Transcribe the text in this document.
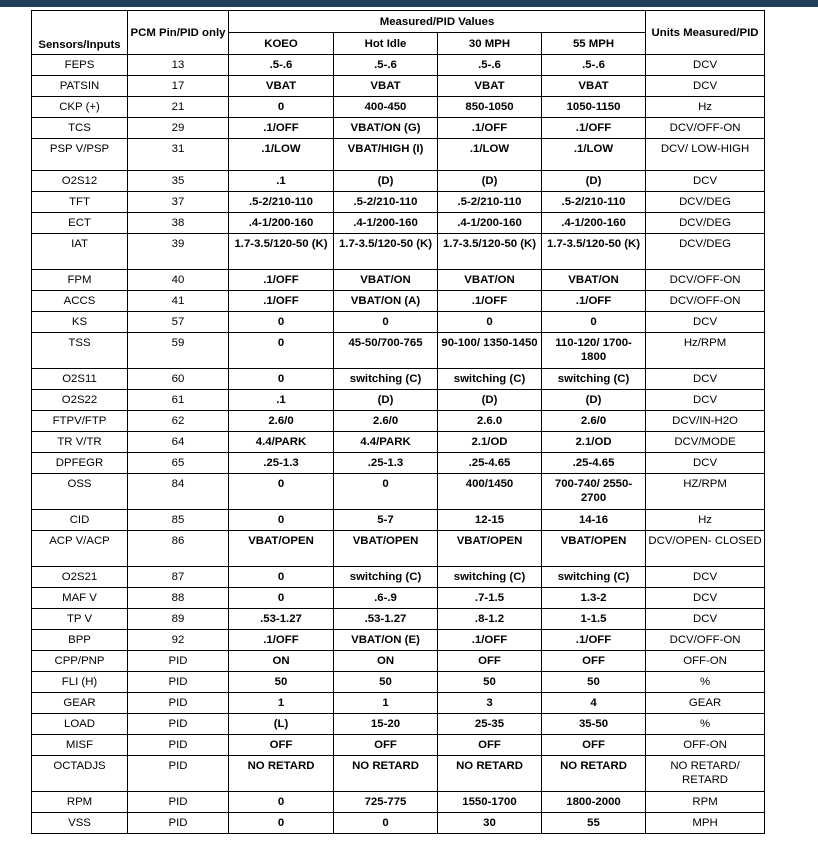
Sensors/Inputs	PCM Pin/PID only	Measured/PID Values				Units Measured/PID
		KOEO	Hot Idle	30 MPH	55 MPH	
FEPS	13	.5-.6	.5-.6	.5-.6	.5-.6	DCV
PATSIN	17	VBAT	VBAT	VBAT	VBAT	DCV
CKP (+)	21	0	400-450	850-1050	1050-1150	Hz
TCS	29	.1/OFF	VBAT/ON (G)	.1/OFF	.1/OFF	DCV/OFF-ON
PSP V/PSP	31	.1/LOW	VBAT/HIGH (I)	.1/LOW	.1/LOW	DCV/ LOW-HIGH
O2S12	35	.1	(D)	(D)	(D)	DCV
TFT	37	.5-2/210-110	.5-2/210-110	.5-2/210-110	.5-2/210-110	DCV/DEG
ECT	38	.4-1/200-160	.4-1/200-160	.4-1/200-160	.4-1/200-160	DCV/DEG
IAT	39	1.7-3.5/120-50 (K)	1.7-3.5/120-50 (K)	1.7-3.5/120-50 (K)	1.7-3.5/120-50 (K)	DCV/DEG
FPM	40	.1/OFF	VBAT/ON	VBAT/ON	VBAT/ON	DCV/OFF-ON
ACCS	41	.1/OFF	VBAT/ON (A)	.1/OFF	.1/OFF	DCV/OFF-ON
KS	57	0	0	0	0	DCV
TSS	59	0	45-50/700-765	90-100/ 1350-1450	110-120/ 1700-1800	Hz/RPM
O2S11	60	0	switching (C)	switching (C)	switching (C)	DCV
O2S22	61	.1	(D)	(D)	(D)	DCV
FTPV/FTP	62	2.6/0	2.6/0	2.6.0	2.6/0	DCV/IN-H2O
TR V/TR	64	4.4/PARK	4.4/PARK	2.1/OD	2.1/OD	DCV/MODE
DPFEGR	65	.25-1.3	.25-1.3	.25-4.65	.25-4.65	DCV
OSS	84	0	0	400/1450	700-740/ 2550-2700	HZ/RPM
CID	85	0	5-7	12-15	14-16	Hz
ACP V/ACP	86	VBAT/OPEN	VBAT/OPEN	VBAT/OPEN	VBAT/OPEN	DCV/OPEN- CLOSED
O2S21	87	0	switching (C)	switching (C)	switching (C)	DCV
MAF V	88	0	.6-.9	.7-1.5	1.3-2	DCV
TP V	89	.53-1.27	.53-1.27	.8-1.2	1-1.5	DCV
BPP	92	.1/OFF	VBAT/ON (E)	.1/OFF	.1/OFF	DCV/OFF-ON
CPP/PNP	PID	ON	ON	OFF	OFF	OFF-ON
FLI (H)	PID	50	50	50	50	%
GEAR	PID	1	1	3	4	GEAR
LOAD	PID	(L)	15-20	25-35	35-50	%
MISF	PID	OFF	OFF	OFF	OFF	OFF-ON
OCTADJS	PID	NO RETARD	NO RETARD	NO RETARD	NO RETARD	NO RETARD/ RETARD
RPM	PID	0	725-775	1550-1700	1800-2000	RPM
VSS	PID	0	0	30	55	MPH
